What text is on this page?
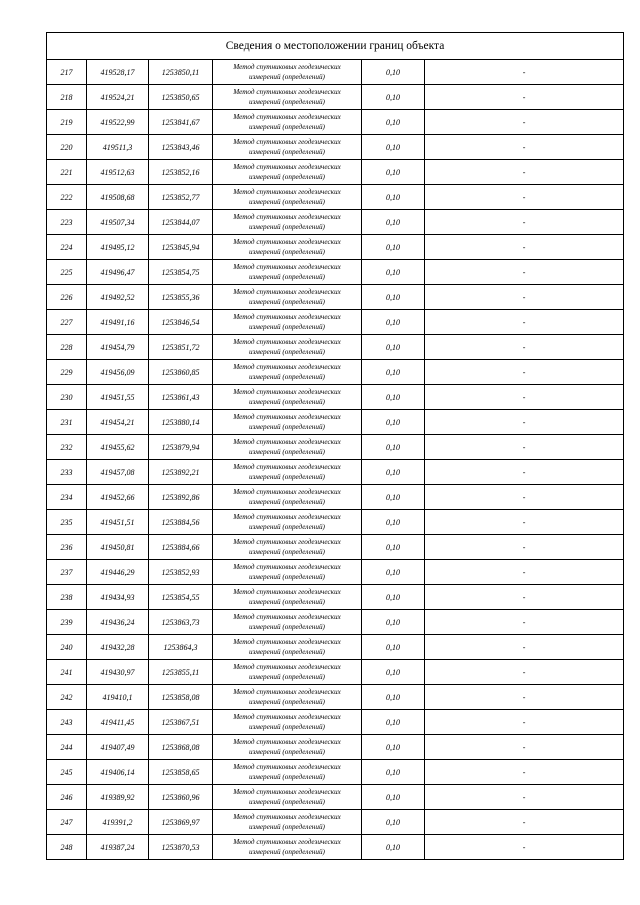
Сведения о местоположении границ объекта					
217	419528,17	1253850,11	Метод спутниковых геодезических
измерений (определений)	0,10	-
218	419524,21	1253850,65	Метод спутниковых геодезических
измерений (определений)	0,10	-
219	419522,99	1253841,67	Метод спутниковых геодезических
измерений (определений)	0,10	-
220	419511,3	1253843,46	Метод спутниковых геодезических
измерений (определений)	0,10	-
221	419512,63	1253852,16	Метод спутниковых геодезических
измерений (определений)	0,10	-
222	419508,68	1253852,77	Метод спутниковых геодезических
измерений (определений)	0,10	-
223	419507,34	1253844,07	Метод спутниковых геодезических
измерений (определений)	0,10	-
224	419495,12	1253845,94	Метод спутниковых геодезических
измерений (определений)	0,10	-
225	419496,47	1253854,75	Метод спутниковых геодезических
измерений (определений)	0,10	-
226	419492,52	1253855,36	Метод спутниковых геодезических
измерений (определений)	0,10	-
227	419491,16	1253846,54	Метод спутниковых геодезических
измерений (определений)	0,10	-
228	419454,79	1253851,72	Метод спутниковых геодезических
измерений (определений)	0,10	-
229	419456,09	1253860,85	Метод спутниковых геодезических
измерений (определений)	0,10	-
230	419451,55	1253861,43	Метод спутниковых геодезических
измерений (определений)	0,10	-
231	419454,21	1253880,14	Метод спутниковых геодезических
измерений (определений)	0,10	-
232	419455,62	1253879,94	Метод спутниковых геодезических
измерений (определений)	0,10	-
233	419457,08	1253892,21	Метод спутниковых геодезических
измерений (определений)	0,10	-
234	419452,66	1253892,86	Метод спутниковых геодезических
измерений (определений)	0,10	-
235	419451,51	1253884,56	Метод спутниковых геодезических
измерений (определений)	0,10	-
236	419450,81	1253884,66	Метод спутниковых геодезических
измерений (определений)	0,10	-
237	419446,29	1253852,93	Метод спутниковых геодезических
измерений (определений)	0,10	-
238	419434,93	1253854,55	Метод спутниковых геодезических
измерений (определений)	0,10	-
239	419436,24	1253863,73	Метод спутниковых геодезических
измерений (определений)	0,10	-
240	419432,28	1253864,3	Метод спутниковых геодезических
измерений (определений)	0,10	-
241	419430,97	1253855,11	Метод спутниковых геодезических
измерений (определений)	0,10	-
242	419410,1	1253858,08	Метод спутниковых геодезических
измерений (определений)	0,10	-
243	419411,45	1253867,51	Метод спутниковых геодезических
измерений (определений)	0,10	-
244	419407,49	1253868,08	Метод спутниковых геодезических
измерений (определений)	0,10	-
245	419406,14	1253858,65	Метод спутниковых геодезических
измерений (определений)	0,10	-
246	419389,92	1253860,96	Метод спутниковых геодезических
измерений (определений)	0,10	-
247	419391,2	1253869,97	Метод спутниковых геодезических
измерений (определений)	0,10	-
248	419387,24	1253870,53	Метод спутниковых геодезических
измерений (определений)	0,10	-
